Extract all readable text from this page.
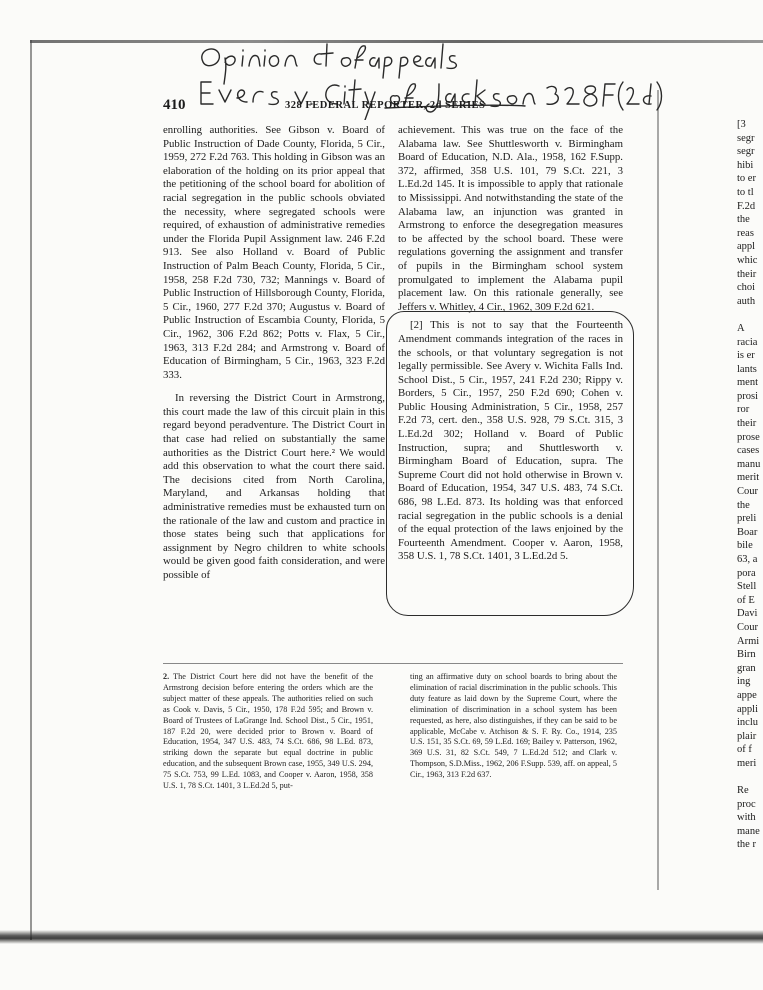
410	328 FEDERAL REPORTER, 2d SERIES

enrolling authorities. See Gibson v. Board of Public Instruction of Dade County, Florida, 5 Cir., 1959, 272 F.2d 763. This holding in Gibson was an elaboration of the holding on its prior appeal that the petitioning of the school board for abolition of racial segregation in the public schools obviated the necessity, where segregated schools were required, of exhaustion of administrative remedies under the Florida Pupil Assignment law. 246 F.2d 913. See also Holland v. Board of Public Instruction of Palm Beach County, Florida, 5 Cir., 1958, 258 F.2d 730, 732; Mannings v. Board of Public Instruction of Hillsborough County, Florida, 5 Cir., 1960, 277 F.2d 370; Augustus v. Board of Public Instruction of Escambia County, Florida, 5 Cir., 1962, 306 F.2d 862; Potts v. Flax, 5 Cir., 1963, 313 F.2d 284; and Armstrong v. Board of Education of Birmingham, 5 Cir., 1963, 323 F.2d 333.

In reversing the District Court in Armstrong, this court made the law of this circuit plain in this regard beyond peradventure. The District Court in that case had relied on substantially the same authorities as the District Court here.² We would add this observation to what the court there said. The decisions cited from North Carolina, Maryland, and Arkansas holding that administrative remedies must be exhausted turn on the rationale of the law and custom and practice in those states being such that applications for assignment by Negro children to white schools would be given good faith consideration, and were possible of

achievement. This was true on the face of the Alabama law. See Shuttlesworth v. Birmingham Board of Education, N.D. Ala., 1958, 162 F.Supp. 372, affirmed, 358 U.S. 101, 79 S.Ct. 221, 3 L.Ed.2d 145. It is impossible to apply that rationale to Mississippi. And notwithstanding the state of the Alabama law, an injunction was granted in Armstrong to enforce the desegregation measures to be affected by the school board. These were regulations governing the assignment and transfer of pupils in the Birmingham school system promulgated to implement the Alabama pupil placement law. On this rationale generally, see Jeffers v. Whitley, 4 Cir., 1962, 309 F.2d 621.

[2] This is not to say that the Fourteenth Amendment commands integration of the races in the schools, or that voluntary segregation is not legally permissible. See Avery v. Wichita Falls Ind. School Dist., 5 Cir., 1957, 241 F.2d 230; Rippy v. Borders, 5 Cir., 1957, 250 F.2d 690; Cohen v. Public Housing Administration, 5 Cir., 1958, 257 F.2d 73, cert. den., 358 U.S. 928, 79 S.Ct. 315, 3 L.Ed.2d 302; Holland v. Board of Public Instruction, supra; and Shuttlesworth v. Birmingham Board of Education, supra. The Supreme Court did not hold otherwise in Brown v. Board of Education, 1954, 347 U.S. 483, 74 S.Ct. 686, 98 L.Ed. 873. Its holding was that enforced racial segregation in the public schools is a denial of the equal protection of the laws enjoined by the Fourteenth Amendment. Cooper v. Aaron, 1958, 358 U.S. 1, 78 S.Ct. 1401, 3 L.Ed.2d 5.

2. The District Court here did not have the benefit of the Armstrong decision before entering the orders which are the subject matter of these appeals. The authorities relied on such as Cook v. Davis, 5 Cir., 1950, 178 F.2d 595; and Brown v. Board of Trustees of LaGrange Ind. School Dist., 5 Cir., 1951, 187 F.2d 20, were decided prior to Brown v. Board of Education, 1954, 347 U.S. 483, 74 S.Ct. 686, 98 L.Ed. 873, striking down the separate but equal doctrine in public education, and the subsequent Brown case, 1955, 349 U.S. 294, 75 S.Ct. 753, 99 L.Ed. 1083, and Cooper v. Aaron, 1958, 358 U.S. 1, 78 S.Ct. 1401, 3 L.Ed.2d 5, put-
ting an affirmative duty on school boards to bring about the elimination of racial discrimination in the public schools. This duty feature as laid down by the Supreme Court, where the elimination of discrimination in a school system has been requested, as here, also distinguishes, if they can be said to be applicable, McCabe v. Atchison & S. F. Ry. Co., 1914, 235 U.S. 151, 35 S.Ct. 69, 59 L.Ed. 169; Bailey v. Patterson, 1962, 369 U.S. 31, 82 S.Ct. 549, 7 L.Ed.2d 512; and Clark v. Thompson, S.D.Miss., 1962, 206 F.Supp. 539, aff. on appeal, 5 Cir., 1963, 313 F.2d 637.
[3
segr
segr
hibi
to er
to tl
F.2d
the
reas
appl
whic
their
choi
auth
A
racia
is er
lants
ment
prosi
ror
their
prose
cases
manu
merit
Cour
the
preli
Boar
bile
63, a
pora
Stell
of E
Davi
Cour
Armi
Birn
gran
ing
appe
appli
inclu
plair
of f
meri
Re
proc
with
mane
the r
